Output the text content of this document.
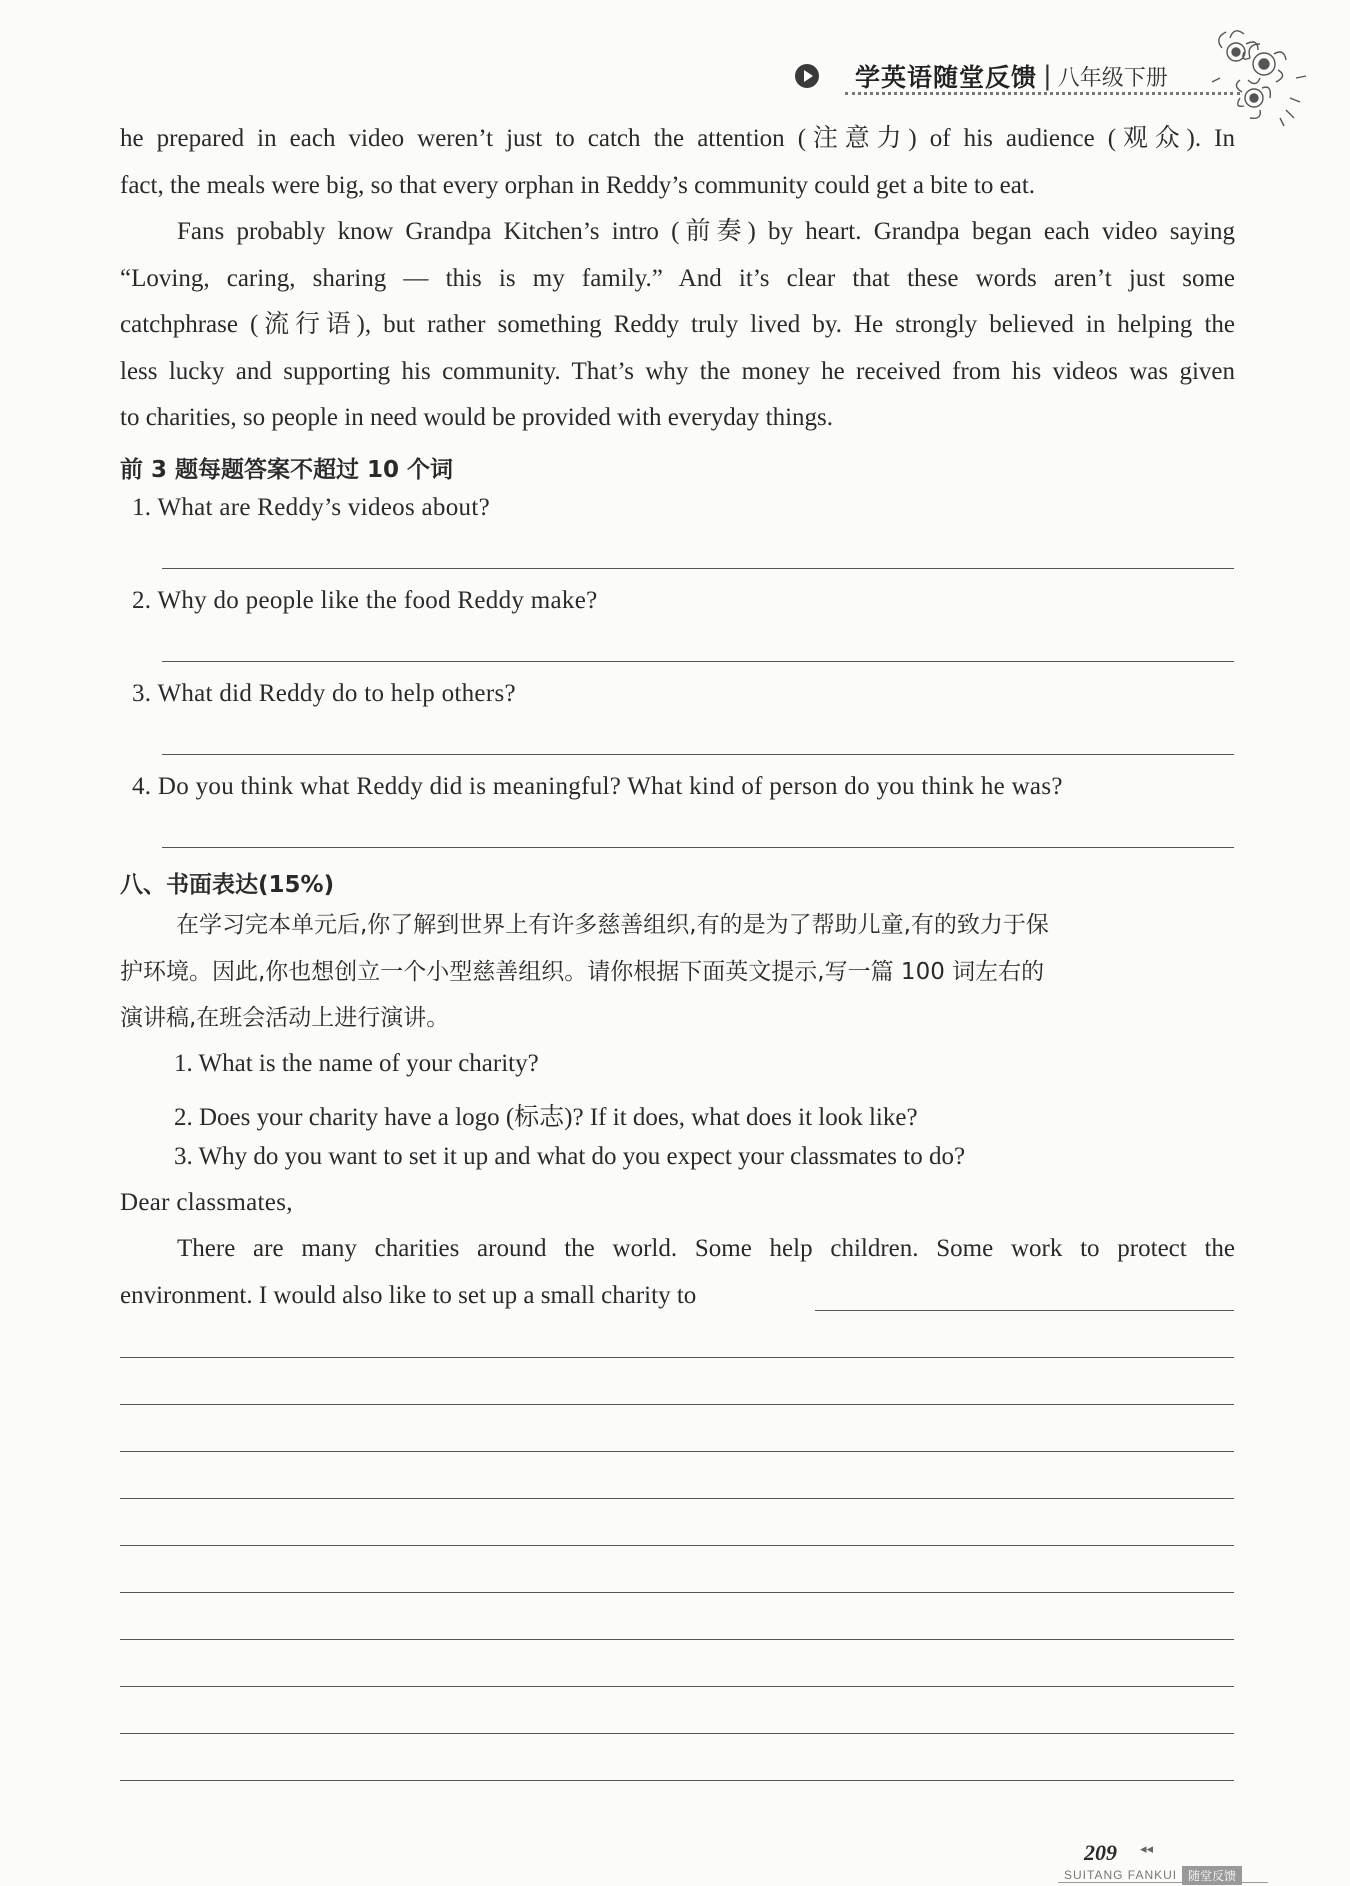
学英语随堂反馈 | 八年级下册
he prepared in each video weren’t just to catch the attention (注意力) of his audience (观众). In
fact, the meals were big, so that every orphan in Reddy’s community could get a bite to eat.
Fans probably know Grandpa Kitchen’s intro (前奏) by heart. Grandpa began each video saying
“Loving, caring, sharing — this is my family.” And it’s clear that these words aren’t just some
catchphrase (流行语), but rather something Reddy truly lived by. He strongly believed in helping the
less lucky and supporting his community. That’s why the money he received from his videos was given
to charities, so people in need would be provided with everyday things.
前 3 题每题答案不超过 10 个词
1. What are Reddy’s videos about?
2. Why do people like the food Reddy make?
3. What did Reddy do to help others?
4. Do you think what Reddy did is meaningful? What kind of person do you think he was?
八、书面表达(15%)
在学习完本单元后,你了解到世界上有许多慈善组织,有的是为了帮助儿童,有的致力于保
护环境。因此,你也想创立一个小型慈善组织。请你根据下面英文提示,写一篇 100 词左右的
演讲稿,在班会活动上进行演讲。
1. What is the name of your charity?
2. Does your charity have a logo (标志)? If it does, what does it look like?
3. Why do you want to set it up and what do you expect your classmates to do?
Dear classmates,
There are many charities around the world. Some help children. Some work to protect the
environment. I would also like to set up a small charity to
209 ◂◂
SUITANG FANKUI 随堂反馈
